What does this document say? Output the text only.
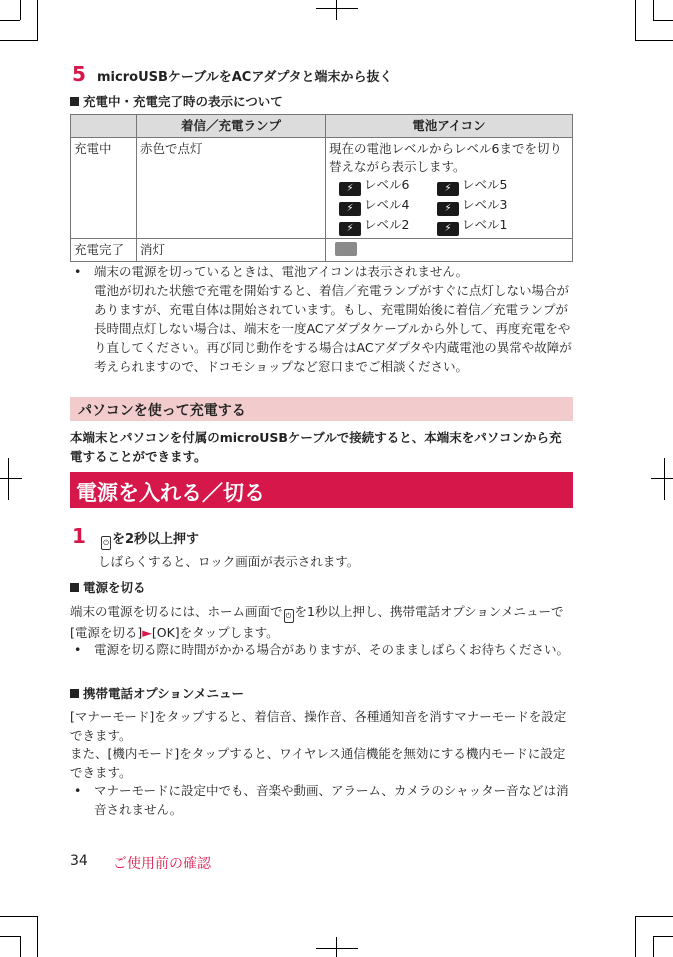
5 microUSBケーブルをACアダプタと端末から抜く
充電中・充電完了時の表示について
	着信／充電ランプ	電池アイコン
充電中	赤色で点灯	現在の電池レベルからレベル6までを切り替えながら表示します。
⚡ レベル6 ⚡ レベル5
⚡ レベル4 ⚡ レベル3
⚡ レベル2 ⚡ レベル1

充電完了	消灯	
•	端末の電源を切っているときは、電池アイコンは表示されません。
電池が切れた状態で充電を開始すると、着信／充電ランプがすぐに点灯しない場合がありますが、充電自体は開始されています。もし、充電開始後に着信／充電ランプが長時間点灯しない場合は、端末を一度ACアダプタケーブルから外して、再度充電をやり直してください。再び同じ動作をする場合はACアダプタや内蔵電池の異常や故障が考えられますので、ドコモショップなど窓口までご相談ください。
パソコンを使って充電する
本端末とパソコンを付属のmicroUSBケーブルで接続すると、本端末をパソコンから充電することができます。
電源を入れる／切る
1 ⏻ を2秒以上押す
しばらくすると、ロック画面が表示されます。
電源を切る
端末の電源を切るには、ホーム画面で ⏻ を1秒以上押し、携帯電話オプションメニューで[電源を切る]►[OK]をタップします。
•	電源を切る際に時間がかかる場合がありますが、そのまましばらくお待ちください。
携帯電話オプションメニュー
[マナーモード]をタップすると、着信音、操作音、各種通知音を消すマナーモードを設定できます。
また、[機内モード]をタップすると、ワイヤレス通信機能を無効にする機内モードに設定できます。
•	マナーモードに設定中でも、音楽や動画、アラーム、カメラのシャッター音などは消音されません。
34 ご使用前の確認
